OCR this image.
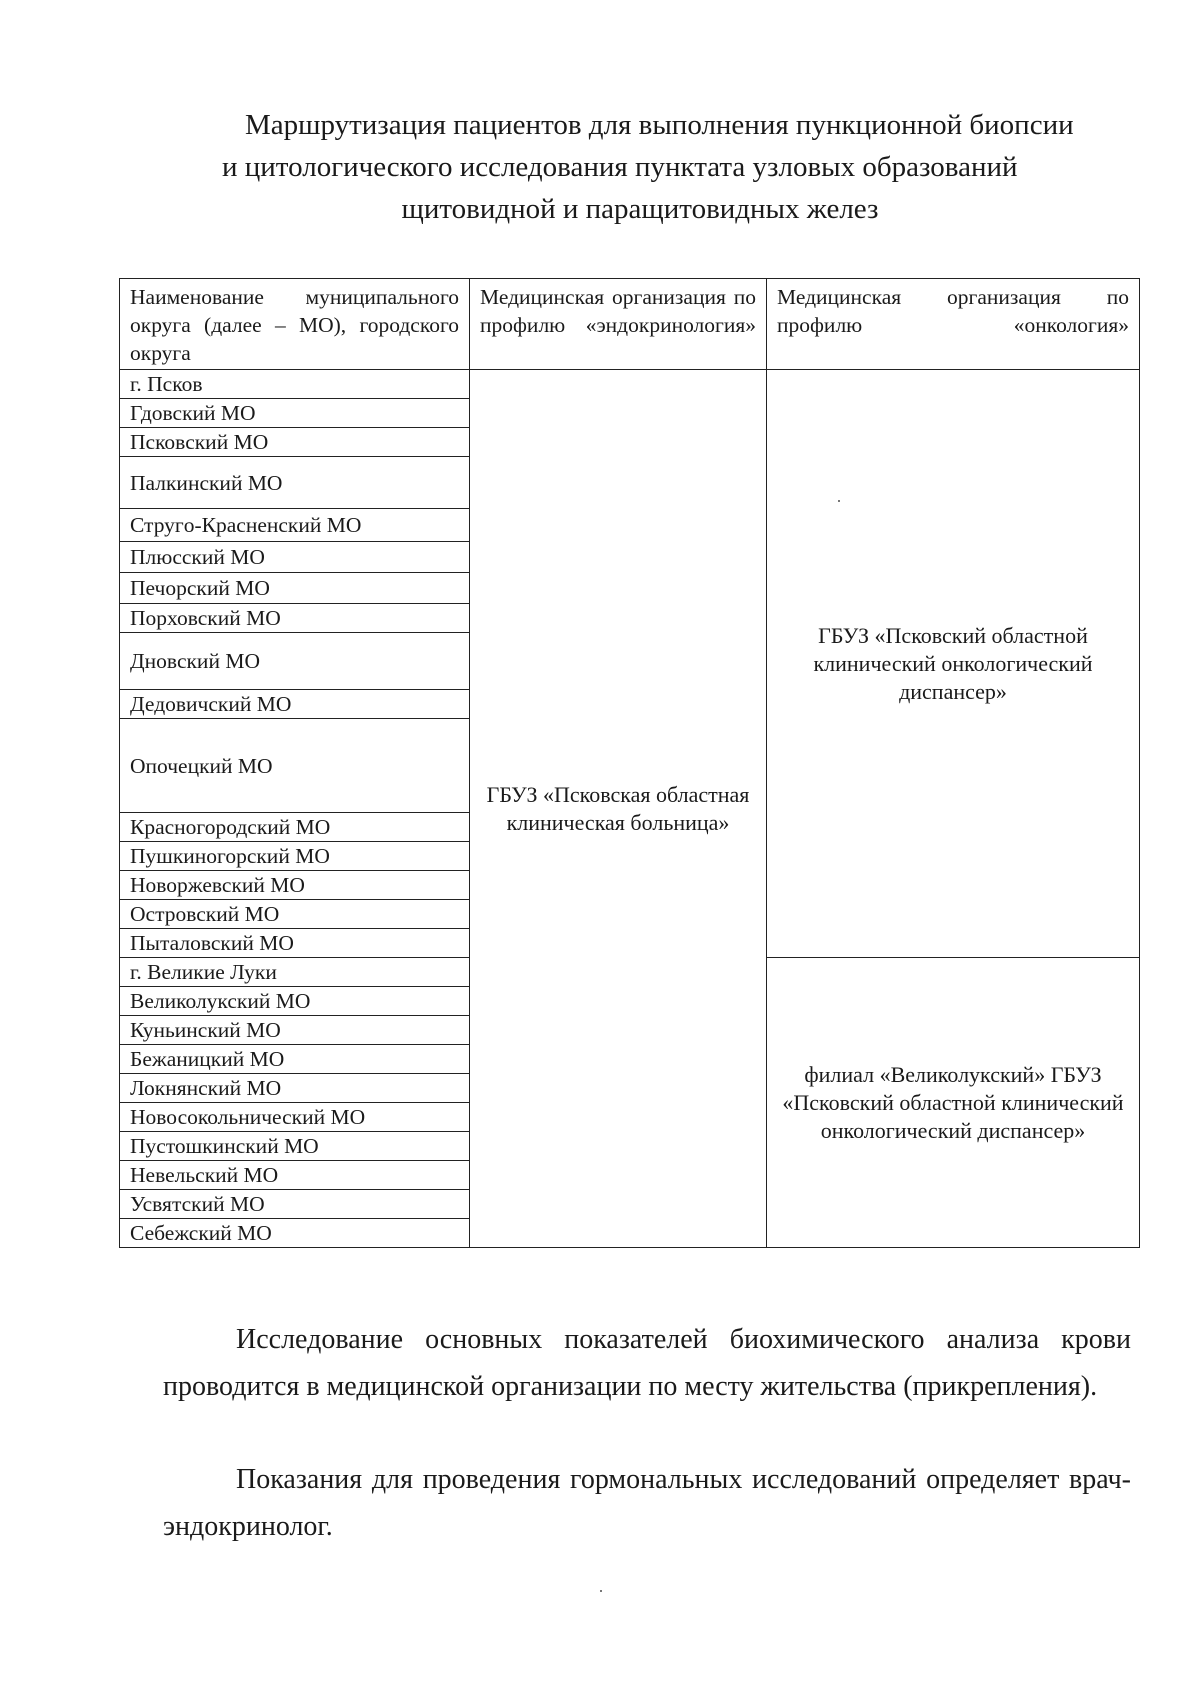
Маршрутизация пациентов для выполнения пункционной биопсии
и цитологического исследования пунктата узловых образований
щитовидной и паращитовидных желез
Наименование муниципального округа (далее – МО), городского округа	Медицинская организация по профилю «эндокринология»	Медицинская организация по профилю «онкология»
г. Псков	ГБУЗ «Псковская областная клиническая больница»	ГБУЗ «Псковский областной клинический онкологический диспансер»
Гдовский МО		
Псковский МО		
Палкинский МО		
Стругo-Красненский МО		
Плюсский МО		
Печорский МО		
Порховский МО		
Дновский МО		
Дедовичский МО		
Опочецкий МО		
Красногородский МО		
Пушкиногорский МО		
Новоржевский МО		
Островский МО		
Пыталовский МО		
г. Великие Луки		филиал «Великолукский» ГБУЗ «Псковский областной клинический онкологический диспансер»
Великолукский МО		
Куньинский МО		
Бежаницкий МО		
Локнянский МО		
Новосокольнический МО		
Пустошкинский МО		
Невельский МО		
Усвятский МО		
Себежский МО		

Исследование основных показателей биохимического анализа крови проводится в медицинской организации по месту жительства (прикрепления).

Показания для проведения гормональных исследований определяет врач-эндокринолог.
